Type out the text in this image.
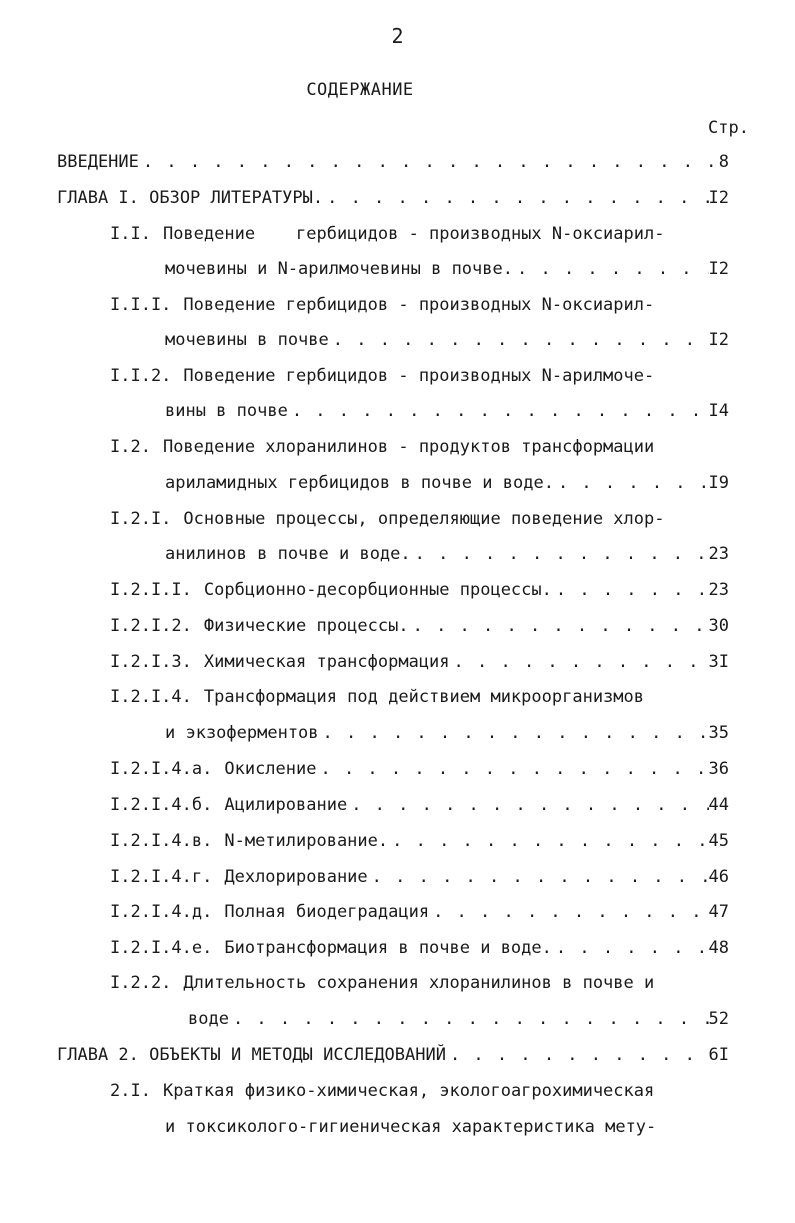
2
СОДЕРЖАНИЕ
Стр.
ВВЕДЕНИЕ . . .	8
ГЛАВА I. ОБЗОР ЛИТЕРАТУРЫ. . . .	I2
I.I. Поведение    гербицидов - производных N-оксиарил-
мочевины и N-арилмочевины в почве. . . .	I2
I.I.I. Поведение гербицидов - производных N-оксиарил-
мочевины в почве . . .	I2
I.I.2. Поведение гербицидов - производных N-арилмоче-
вины в почве . . .	I4
I.2. Поведение хлоранилинов - продуктов трансформации
ариламидных гербицидов в почве и воде. . . .	I9
I.2.I. Основные процессы, определяющие поведение хлор-
анилинов в почве и воде. . . .	23
I.2.I.I. Сорбционно-десорбционные процессы. . . .	23
I.2.I.2. Физические процессы. . . .	30
I.2.I.3. Химическая трансформация . . .	3I
I.2.I.4. Трансформация под действием микроорганизмов
и экзоферментов . . .	35
I.2.I.4.а. Окисление . . .	36
I.2.I.4.б. Ацилирование . . .	44
I.2.I.4.в. N-метилирование. . . .	45
I.2.I.4.г. Дехлорирование . . .	46
I.2.I.4.д. Полная биодеградация . . .	47
I.2.I.4.е. Биотрансформация в почве и воде. . . .	48
I.2.2. Длительность сохранения хлоранилинов в почве и
воде . . .	52
ГЛАВА 2. ОБЪЕКТЫ И МЕТОДЫ ИССЛЕДОВАНИЙ . . .	6I
2.I. Краткая физико-химическая, экологоагрохимическая
и токсиколого-гигиеническая характеристика мету-
